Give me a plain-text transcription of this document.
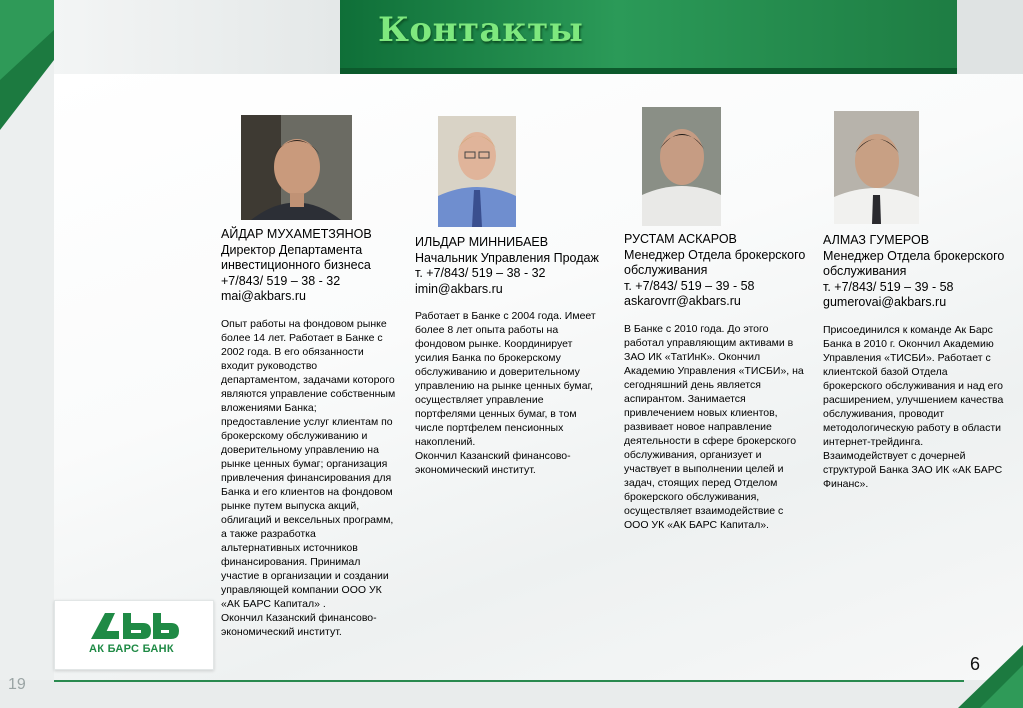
Контакты

АЙДАР МУХАМЕТЗЯНОВ

Директор Департамента инвестиционного бизнеса

+7/843/ 519 – 38 - 32

mai@akbars.ru

Опыт работы на фондовом рынке более 14 лет. Работает в Банке с 2002 года. В его обязанности входит руководство департаментом, задачами которого являются управление собственным вложениями Банка; предоставление услуг клиентам по брокерскому обслуживанию и доверительному управлению на рынке ценных бумаг; организация привлечения финансирования для Банка и его клиентов на фондовом рынке путем выпуска акций, облигаций и вексельных программ, а также разработка альтернативных источников финансирования. Принимал участие в организации и создании управляющей компании ООО УК «АК БАРС Капитал» .
Окончил Казанский финансово-экономический институт.

ИЛЬДАР МИННИБАЕВ

Начальник Управления Продаж

т. +7/843/ 519 – 38 - 32

imin@akbars.ru

Работает в Банке с 2004 года. Имеет более 8 лет опыта работы на фондовом рынке. Координирует усилия Банка по брокерскому обслуживанию и доверительному управлению на рынке ценных бумаг, осуществляет управление портфелями ценных бумаг, в том числе портфелем пенсионных накоплений.
Окончил Казанский финансово-экономический институт.

РУСТАМ АСКАРОВ

Менеджер Отдела брокерского обслуживания

т. +7/843/ 519 – 39 - 58

askarovrr@akbars.ru

В Банке с 2010 года. До этого работал управляющим активами в ЗАО ИК «ТатИнК». Окончил Академию Управления «ТИСБИ», на сегодняшний день является аспирантом. Занимается привлечением новых клиентов, развивает новое направление деятельности в сфере брокерского обслуживания, организует и участвует в выполнении целей и задач, стоящих перед Отделом брокерского обслуживания, осуществляет взаимодействие с ООО УК «АК БАРС Капитал».

АЛМАЗ ГУМЕРОВ

Менеджер Отдела брокерского обслуживания

т. +7/843/ 519 – 39 - 58

gumerovai@akbars.ru

Присоединился к команде Ак Барс Банка в 2010 г. Окончил Академию Управления «ТИСБИ». Работает с клиентской базой Отдела брокерского обслуживания и над его расширением, улучшением качества обслуживания, проводит методологическую работу в области интернет-трейдинга. Взаимодействует с дочерней структурой Банка ЗАО ИК «АК БАРС Финанс».

АК БАРС БАНК
19
6
